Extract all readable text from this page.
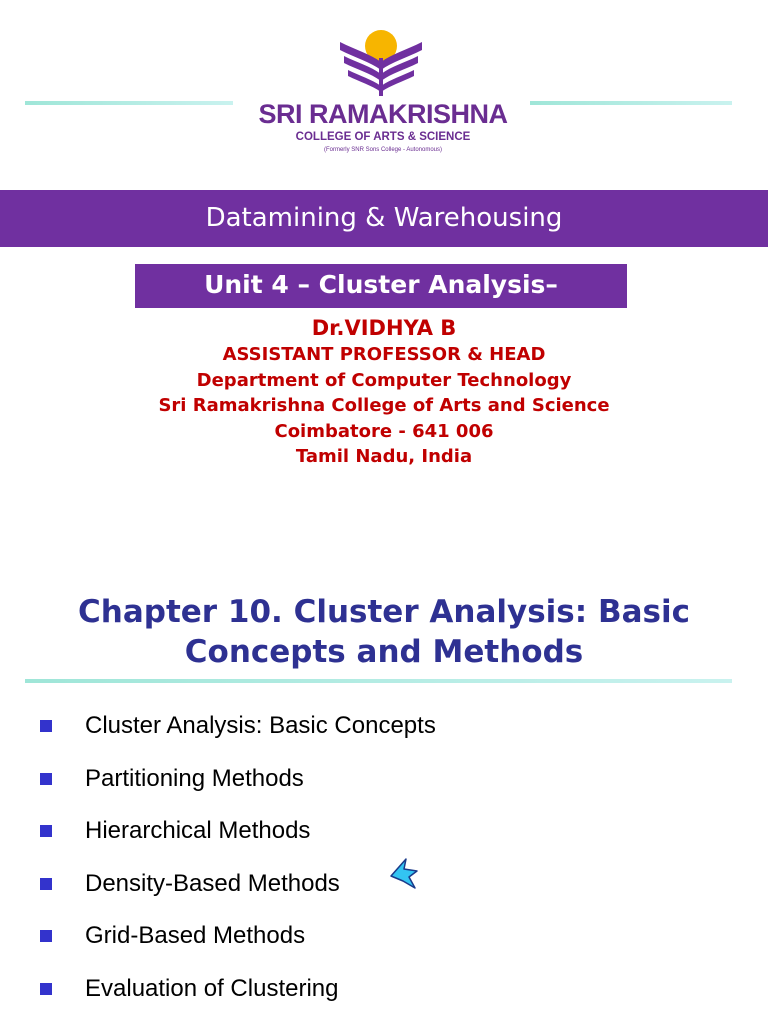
SRI RAMAKRISHNA
COLLEGE OF ARTS & SCIENCE
(Formerly SNR Sons College - Autonomous)
Datamining & Warehousing
Unit 4 – Cluster Analysis–
Dr.VIDHYA B
ASSISTANT PROFESSOR & HEAD
Department of Computer Technology
Sri Ramakrishna College of Arts and Science
Coimbatore - 641 006
Tamil Nadu, India
Chapter 10. Cluster Analysis: Basic
Concepts and Methods
Cluster Analysis: Basic Concepts
Partitioning Methods
Hierarchical Methods
Density-Based Methods
Grid-Based Methods
Evaluation of Clustering
